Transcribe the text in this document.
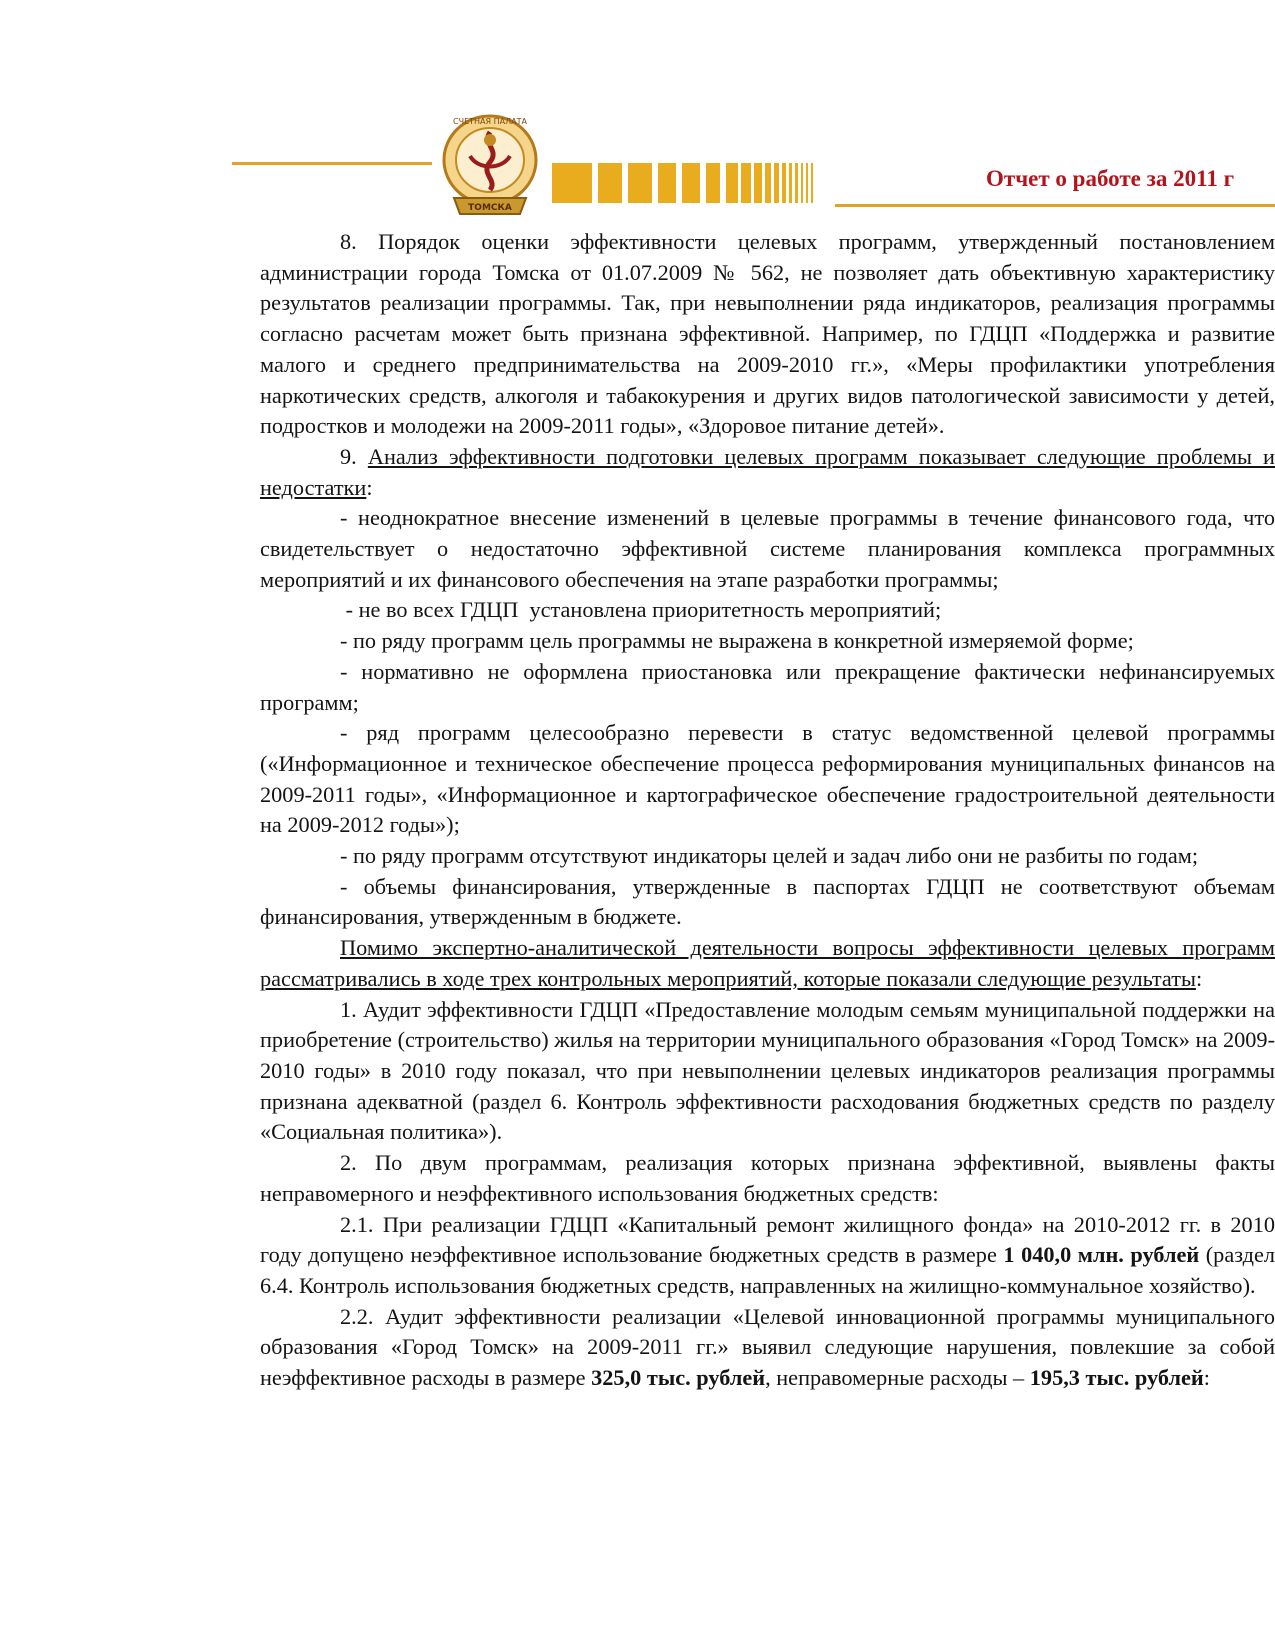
СЧЕТНАЯ ПАЛАТА
ТОМСКА
Отчет о работе за 2011 г

8. Порядок оценки эффективности целевых программ, утвержденный постановлением администрации города Томска от 01.07.2009 № 562, не позволяет дать объективную характеристику результатов реализации программы. Так, при невыполнении ряда индикаторов, реализация программы согласно расчетам может быть признана эффективной. Например, по ГДЦП «Поддержка и развитие малого и среднего предпринимательства на 2009-2010 гг.», «Меры профилактики употребления наркотических средств, алкоголя и табакокурения и других видов патологической зависимости у детей, подростков и молодежи на 2009-2011 годы», «Здоровое питание детей».

9. Анализ эффективности подготовки целевых программ показывает следующие проблемы и недостатки:

- неоднократное внесение изменений в целевые программы в течение финансового года, что свидетельствует о недостаточно эффективной системе планирования комплекса программных мероприятий и их финансового обеспечения на этапе разработки программы;

- не во всех ГДЦП  установлена приоритетность мероприятий;

- по ряду программ цель программы не выражена в конкретной измеряемой форме;

- нормативно не оформлена приостановка или прекращение фактически нефинансируемых программ;

- ряд программ целесообразно перевести в статус ведомственной целевой программы («Информационное и техническое обеспечение процесса реформирования муниципальных финансов на 2009-2011 годы», «Информационное и картографическое обеспечение градостроительной деятельности на 2009-2012 годы»);

- по ряду программ отсутствуют индикаторы целей и задач либо они не разбиты по годам;

- объемы финансирования, утвержденные в паспортах ГДЦП не соответствуют объемам финансирования, утвержденным в бюджете.

Помимо экспертно-аналитической деятельности вопросы эффективности целевых программ рассматривались в ходе трех контрольных мероприятий, которые показали следующие результаты:

1. Аудит эффективности ГДЦП «Предоставление молодым семьям муниципальной поддержки на приобретение (строительство) жилья на территории муниципального образования «Город Томск» на 2009-2010 годы» в 2010 году показал, что при невыполнении целевых индикаторов реализация программы признана адекватной (раздел 6. Контроль эффективности расходования бюджетных средств по разделу «Социальная политика»).

2. По двум программам, реализация которых признана эффективной, выявлены факты неправомерного и неэффективного использования бюджетных средств:

2.1. При реализации ГДЦП «Капитальный ремонт жилищного фонда» на 2010-2012 гг. в 2010 году допущено неэффективное использование бюджетных средств в размере 1 040,0 млн. рублей (раздел 6.4. Контроль использования бюджетных средств, направленных на жилищно-коммунальное хозяйство).

2.2. Аудит эффективности реализации «Целевой инновационной программы муниципального образования «Город Томск» на 2009-2011 гг.» выявил следующие нарушения, повлекшие за собой неэффективное расходы в размере 325,0 тыс. рублей, неправомерные расходы – 195,3 тыс. рублей:
